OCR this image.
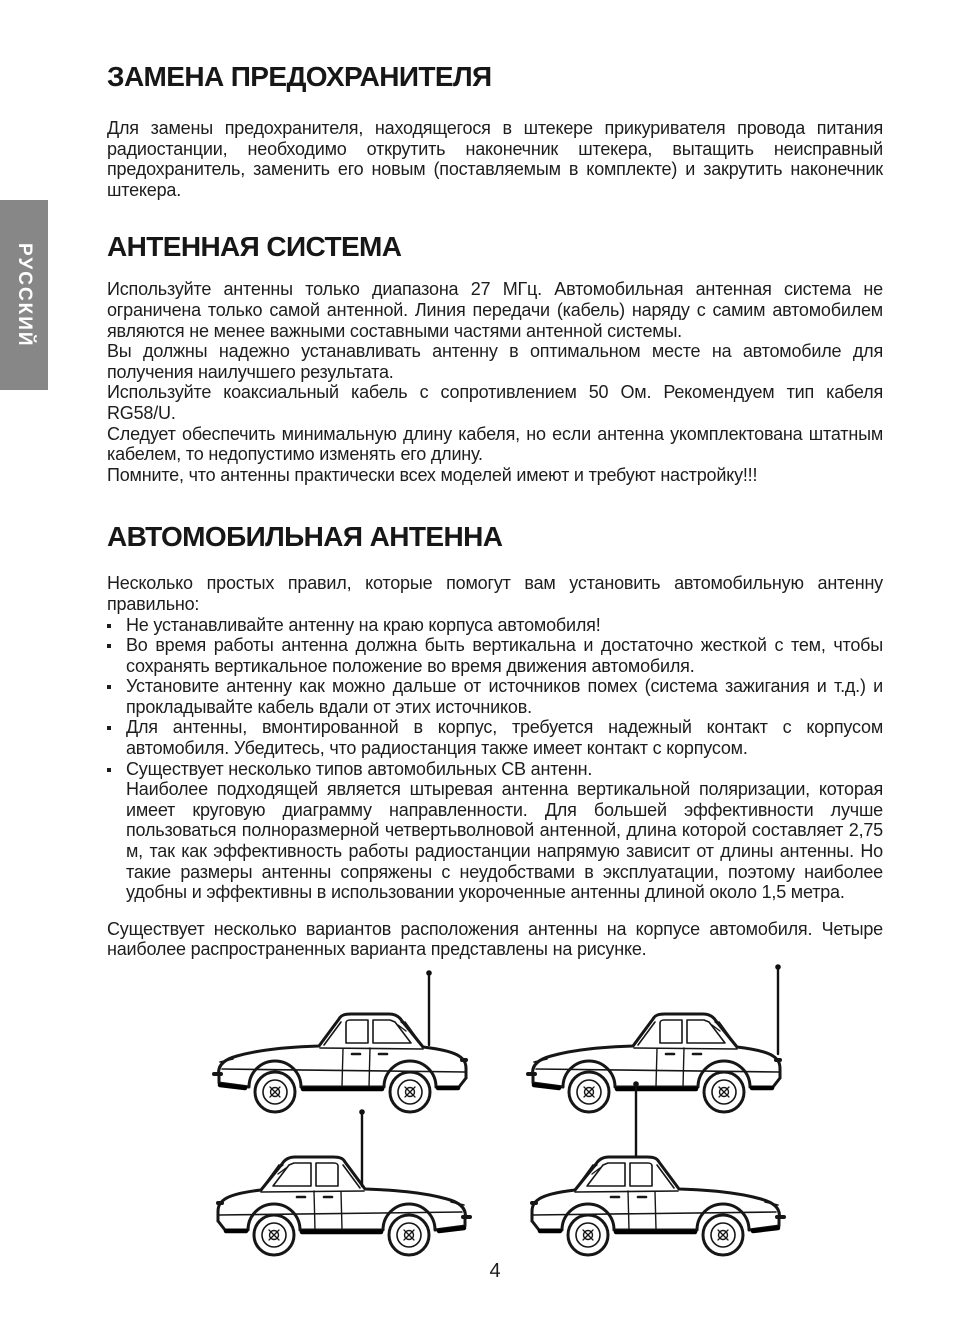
РУССКИЙ
ЗАМЕНА ПРЕДОХРАНИТЕЛЯ
Для замены предохранителя, находящегося в штекере прикуривателя провода питания радиостанции, необходимо открутить наконечник штекера, вытащить неисправный предохранитель, заменить его новым (поставляемым в комплекте) и закрутить наконечник штекера.
АНТЕННАЯ СИСТЕМА
Используйте антенны только диапазона 27 МГц. Автомобильная антенная система не ограничена только самой антенной. Линия передачи (кабель) наряду с самим автомобилем являются не менее важными составными частями антенной системы.
Вы должны надежно устанавливать антенну в оптимальном месте на автомобиле для получения наилучшего результата.
Используйте коаксиальный кабель с сопротивлением 50 Ом. Рекомендуем тип кабеля RG58/U.
Следует обеспечить минимальную длину кабеля, но если антенна укомплектована штатным кабелем, то недопустимо изменять его длину.
Помните, что антенны практически всех моделей имеют и требуют настройку!!!
АВТОМОБИЛЬНАЯ АНТЕННА
Несколько простых правил, которые помогут вам установить автомобильную антенну правильно:
Не устанавливайте антенну на краю корпуса автомобиля!
Во время работы антенна должна быть вертикальна и достаточно жесткой с тем, чтобы сохранять вертикальное положение во время движения автомобиля.
Установите антенну как можно дальше от источников помех (система зажигания и т.д.) и прокладывайте кабель вдали от этих источников.
Для антенны, вмонтированной в корпус, требуется надежный контакт с корпусом автомобиля. Убедитесь, что радиостанция также имеет контакт с корпусом.
Существует несколько типов автомобильных СВ антенн.
Наиболее подходящей является штыревая антенна вертикальной поляризации, которая имеет круговую диаграмму направленности. Для большей эффективности лучше пользоваться полноразмерной четвертьволновой антенной, длина которой составляет 2,75 м, так как эффективность работы радиостанции напрямую зависит от длины антенны. Но такие размеры антенны сопряжены с неудобствами в эксплуатации, поэтому наиболее удобны и эффективны в использовании укороченные антенны длиной около 1,5 метра.
Существует несколько вариантов расположения антенны на корпусе автомобиля. Четыре наиболее распространенных варианта представлены на рисунке.
4
